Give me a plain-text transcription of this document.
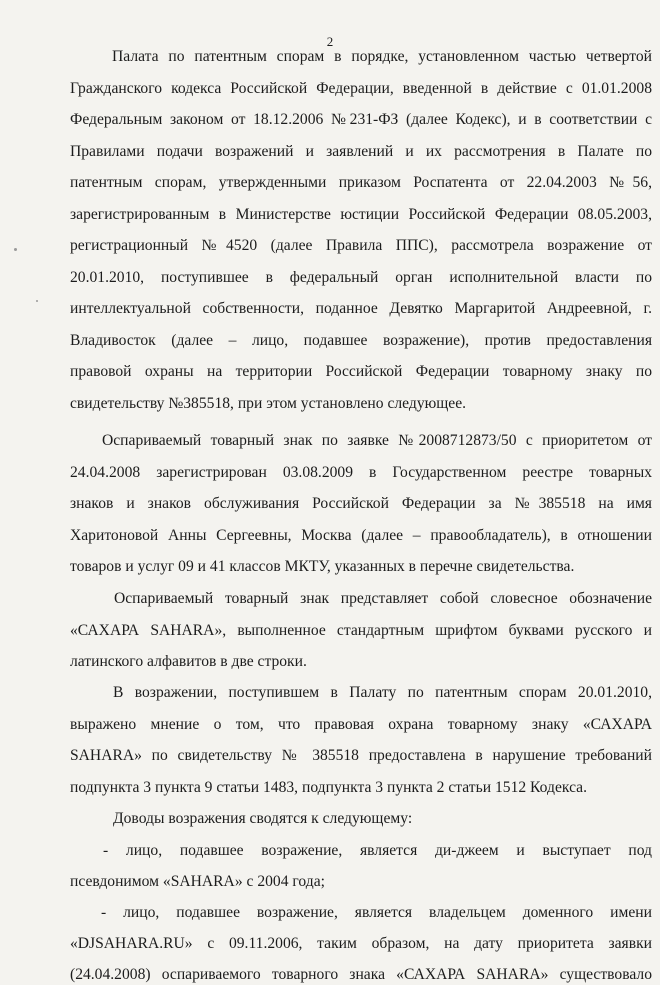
2
Палата по патентным спорам в порядке, установленном частью четвертой
Гражданского кодекса Российской Федерации, введенной в действие с 01.01.2008
Федеральным законом от 18.12.2006 №231-ФЗ (далее Кодекс), и в соответствии с
Правилами подачи возражений и заявлений и их рассмотрения в Палате по
патентным спорам, утвержденными приказом Роспатента от 22.04.2003 №56,
зарегистрированным в Министерстве юстиции Российской Федерации 08.05.2003,
регистрационный №4520 (далее Правила ППС), рассмотрела возражение от
20.01.2010, поступившее в федеральный орган исполнительной власти по
интеллектуальной собственности, поданное Девятко Маргаритой Андреевной, г.
Владивосток (далее – лицо, подавшее возражение), против предоставления
правовой охраны на территории Российской Федерации товарному знаку по
свидетельству №385518, при этом установлено следующее.
Оспариваемый товарный знак по заявке №2008712873/50 с приоритетом от
24.04.2008 зарегистрирован 03.08.2009 в Государственном реестре товарных
знаков и знаков обслуживания Российской Федерации за №385518 на имя
Харитоновой Анны Сергеевны, Москва (далее – правообладатель), в отношении
товаров и услуг 09 и 41 классов МКТУ, указанных в перечне свидетельства.
Оспариваемый товарный знак представляет собой словесное обозначение
«САХАРА SAHARA», выполненное стандартным шрифтом буквами русского и
латинского алфавитов в две строки.
В возражении, поступившем в Палату по патентным спорам 20.01.2010,
выражено мнение о том, что правовая охрана товарному знаку «САХАРА
SAHARA» по свидетельству № 385518 предоставлена в нарушение требований
подпункта 3 пункта 9 статьи 1483, подпункта 3 пункта 2 статьи 1512 Кодекса.
Доводы возражения сводятся к следующему:
- лицо, подавшее возражение, является ди-джеем и выступает под
псевдонимом «SAHARA» с 2004 года;
- лицо, подавшее возражение, является владельцем доменного имени
«DJSAHARA.RU» с 09.11.2006, таким образом, на дату приоритета заявки
(24.04.2008) оспариваемого товарного знака «САХАРА SAHARA» существовало
